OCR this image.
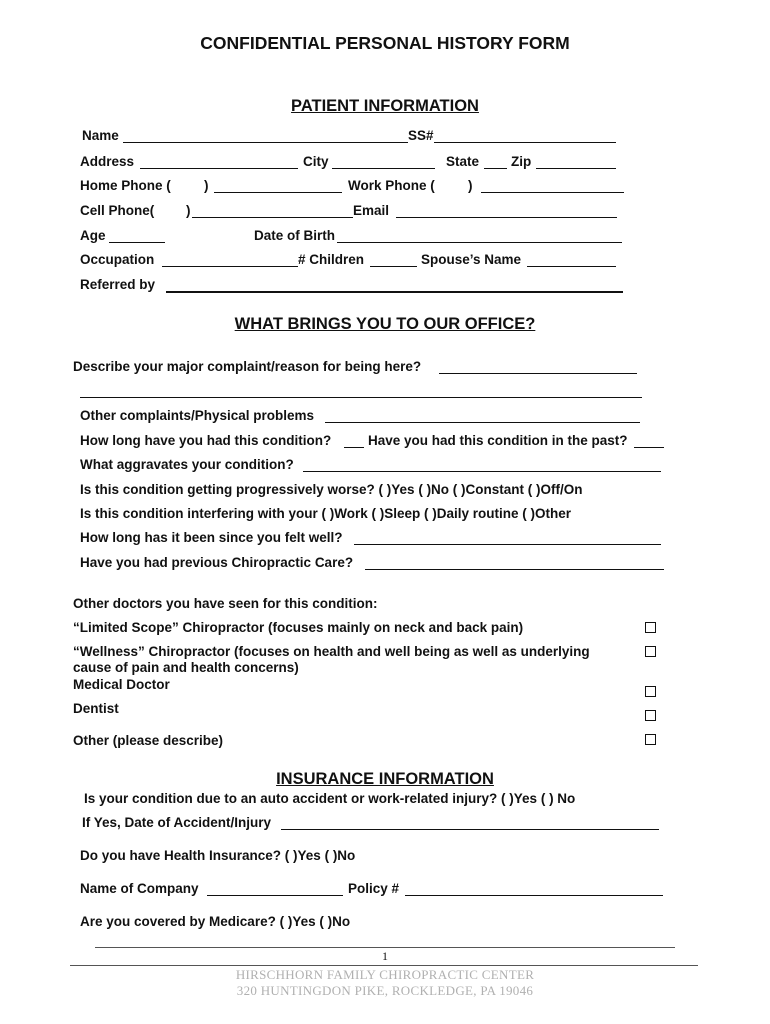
CONFIDENTIAL PERSONAL HISTORY FORM
PATIENT INFORMATION
Name	SS#
Address	City	State Zip
Home Phone ( )	Work Phone ( )
Cell Phone( )	Email
Age	Date of Birth
Occupation	# Children	Spouse’s Name
Referred by
WHAT BRINGS YOU TO OUR OFFICE?
Describe your major complaint/reason for being here?
Other complaints/Physical problems
How long have you had this condition?	Have you had this condition in the past?
What aggravates your condition?
Is this condition getting progressively worse? ( )Yes ( )No ( )Constant ( )Off/On
Is this condition interfering with your ( )Work ( )Sleep ( )Daily routine ( )Other
How long has it been since you felt well?
Have you had previous Chiropractic Care?
Other doctors you have seen for this condition:
“Limited Scope” Chiropractor (focuses mainly on neck and back pain)
“Wellness” Chiropractor (focuses on health and well being as well as underlying
cause of pain and health concerns)
Medical Doctor
Dentist
Other (please describe)
INSURANCE INFORMATION
Is your condition due to an auto accident or work-related injury? ( )Yes ( ) No
If Yes, Date of Accident/Injury
Do you have Health Insurance? ( )Yes ( )No
Name of Company	Policy #
Are you covered by Medicare? ( )Yes ( )No
1
HIRSCHHORN FAMILY CHIROPRACTIC CENTER
320 HUNTINGDON PIKE, ROCKLEDGE, PA 19046
